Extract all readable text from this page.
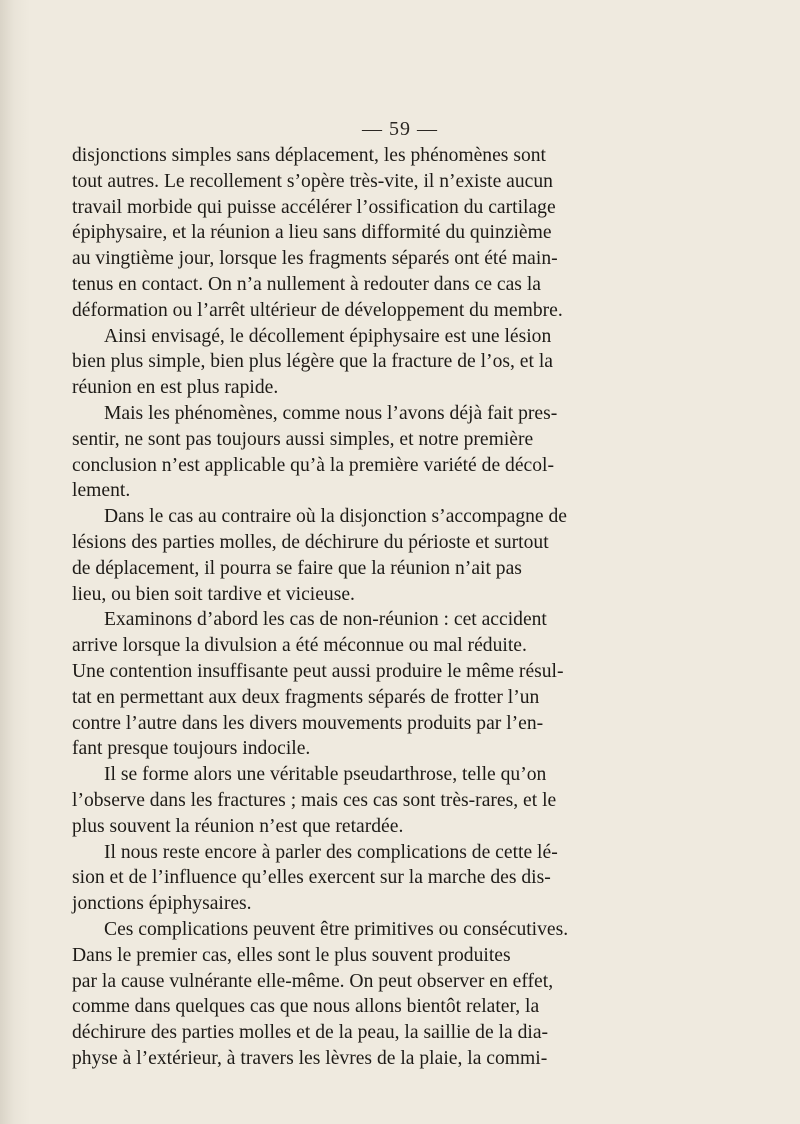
— 59 —

disjonctions simples sans déplacement, les phénomènes sont
tout autres. Le recollement s’opère très-vite, il n’existe aucun
travail morbide qui puisse accélérer l’ossification du cartilage
épiphysaire, et la réunion a lieu sans difformité du quinzième
au vingtième jour, lorsque les fragments séparés ont été main-
tenus en contact. On n’a nullement à redouter dans ce cas la
déformation ou l’arrêt ultérieur de développement du membre.

Ainsi envisagé, le décollement épiphysaire est une lésion
bien plus simple, bien plus légère que la fracture de l’os, et la
réunion en est plus rapide.

Mais les phénomènes, comme nous l’avons déjà fait pres-
sentir, ne sont pas toujours aussi simples, et notre première
conclusion n’est applicable qu’à la première variété de décol-
lement.

Dans le cas au contraire où la disjonction s’accompagne de
lésions des parties molles, de déchirure du périoste et surtout
de déplacement, il pourra se faire que la réunion n’ait pas
lieu, ou bien soit tardive et vicieuse.

Examinons d’abord les cas de non-réunion : cet accident
arrive lorsque la divulsion a été méconnue ou mal réduite.
Une contention insuffisante peut aussi produire le même résul-
tat en permettant aux deux fragments séparés de frotter l’un
contre l’autre dans les divers mouvements produits par l’en-
fant presque toujours indocile.

Il se forme alors une véritable pseudarthrose, telle qu’on
l’observe dans les fractures ; mais ces cas sont très-rares, et le
plus souvent la réunion n’est que retardée.

Il nous reste encore à parler des complications de cette lé-
sion et de l’influence qu’elles exercent sur la marche des dis-
jonctions épiphysaires.

Ces complications peuvent être primitives ou consécutives.
Dans le premier cas, elles sont le plus souvent produites
par la cause vulnérante elle-même. On peut observer en effet,
comme dans quelques cas que nous allons bientôt relater, la
déchirure des parties molles et de la peau, la saillie de la dia-
physe à l’extérieur, à travers les lèvres de la plaie, la commi-
